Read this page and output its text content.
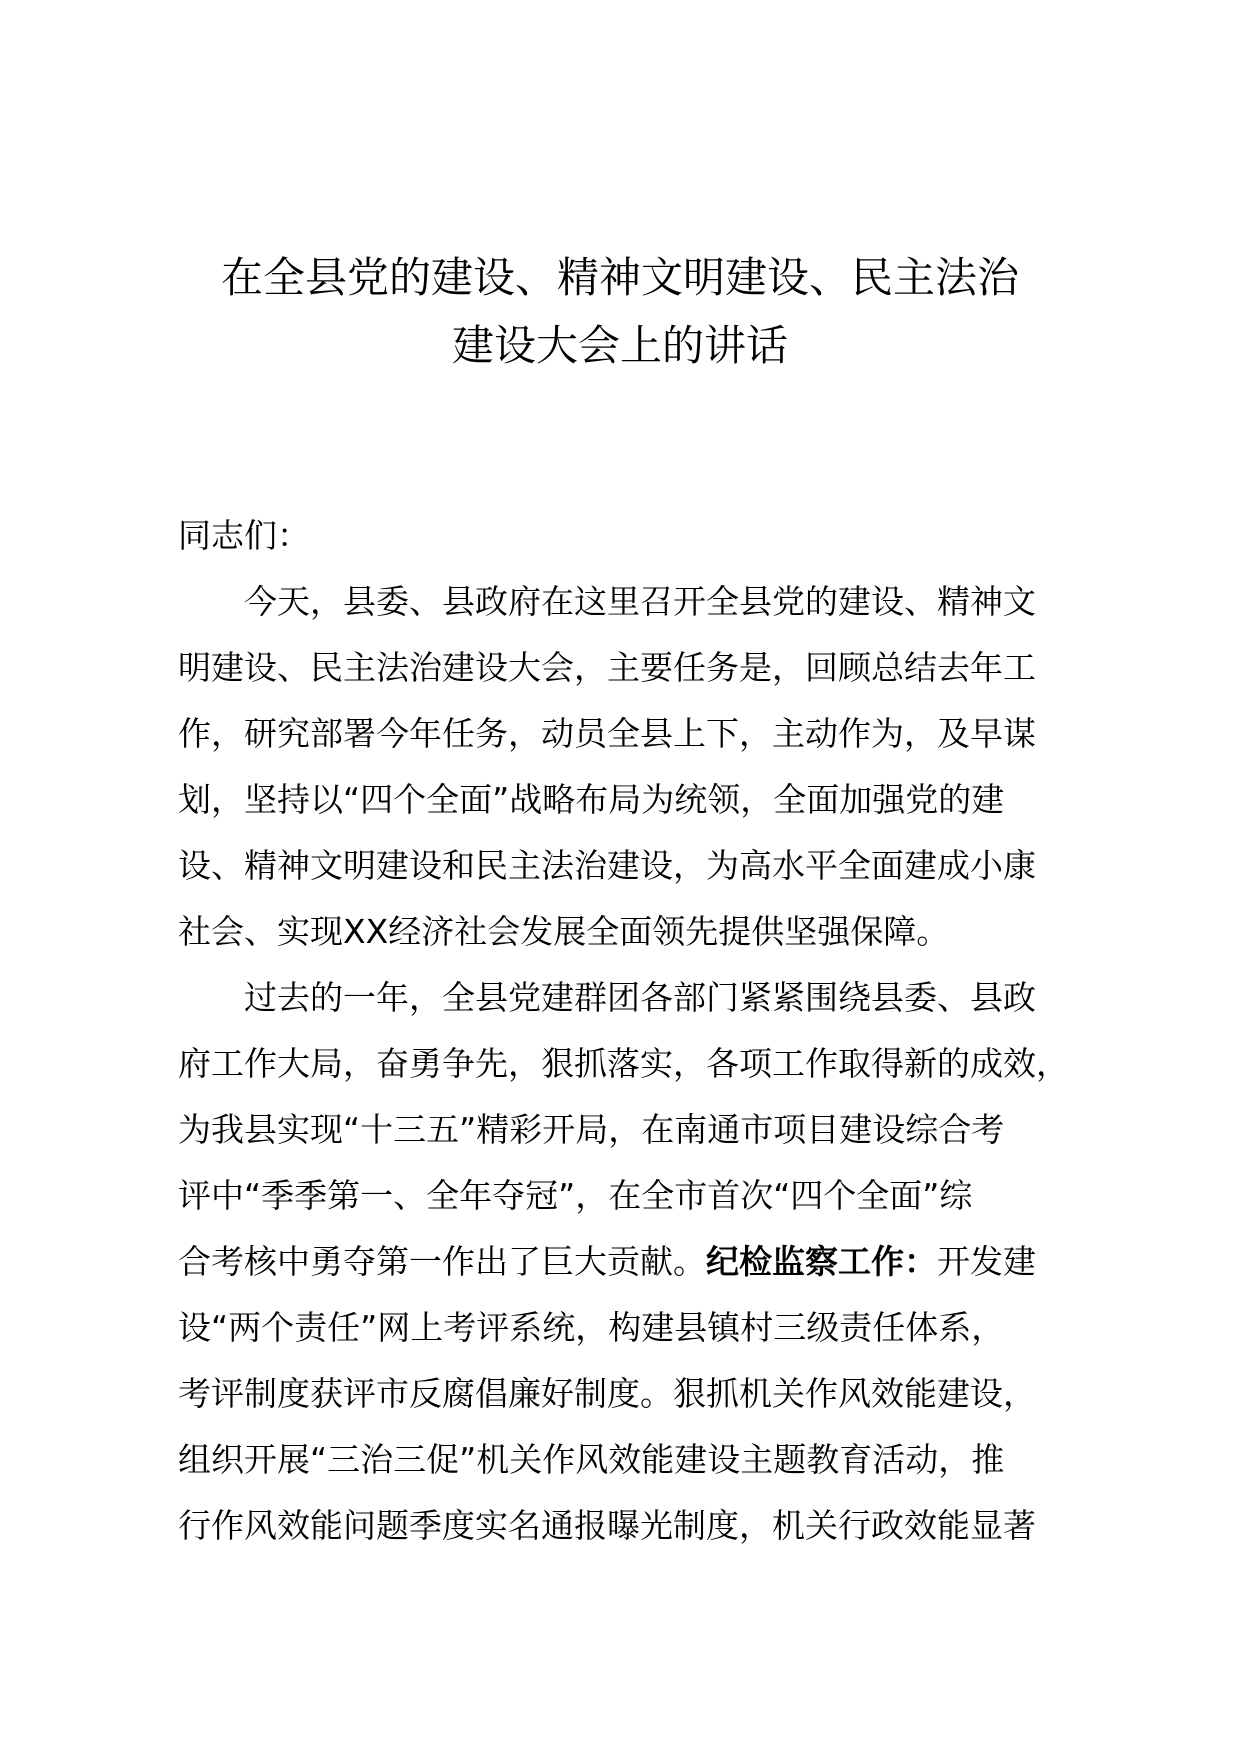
在全县党的建设、精神文明建设、民主法治
建设大会上的讲话
同志们：
今天，县委、县政府在这里召开全县党的建设、精神文
明建设、民主法治建设大会，主要任务是，回顾总结去年工
作，研究部署今年任务，动员全县上下，主动作为，及早谋
划，坚持以“四个全面”战略布局为统领，全面加强党的建
设、精神文明建设和民主法治建设，为高水平全面建成小康
社会、实现XX经济社会发展全面领先提供坚强保障。
过去的一年，全县党建群团各部门紧紧围绕县委、县政
府工作大局，奋勇争先，狠抓落实，各项工作取得新的成效，
为我县实现“十三五”精彩开局，在南通市项目建设综合考
评中“季季第一、全年夺冠”，在全市首次“四个全面”综
合考核中勇夺第一作出了巨大贡献。纪检监察工作：开发建
设“两个责任”网上考评系统，构建县镇村三级责任体系，
考评制度获评市反腐倡廉好制度。狠抓机关作风效能建设，
组织开展“三治三促”机关作风效能建设主题教育活动，推
行作风效能问题季度实名通报曝光制度，机关行政效能显著
